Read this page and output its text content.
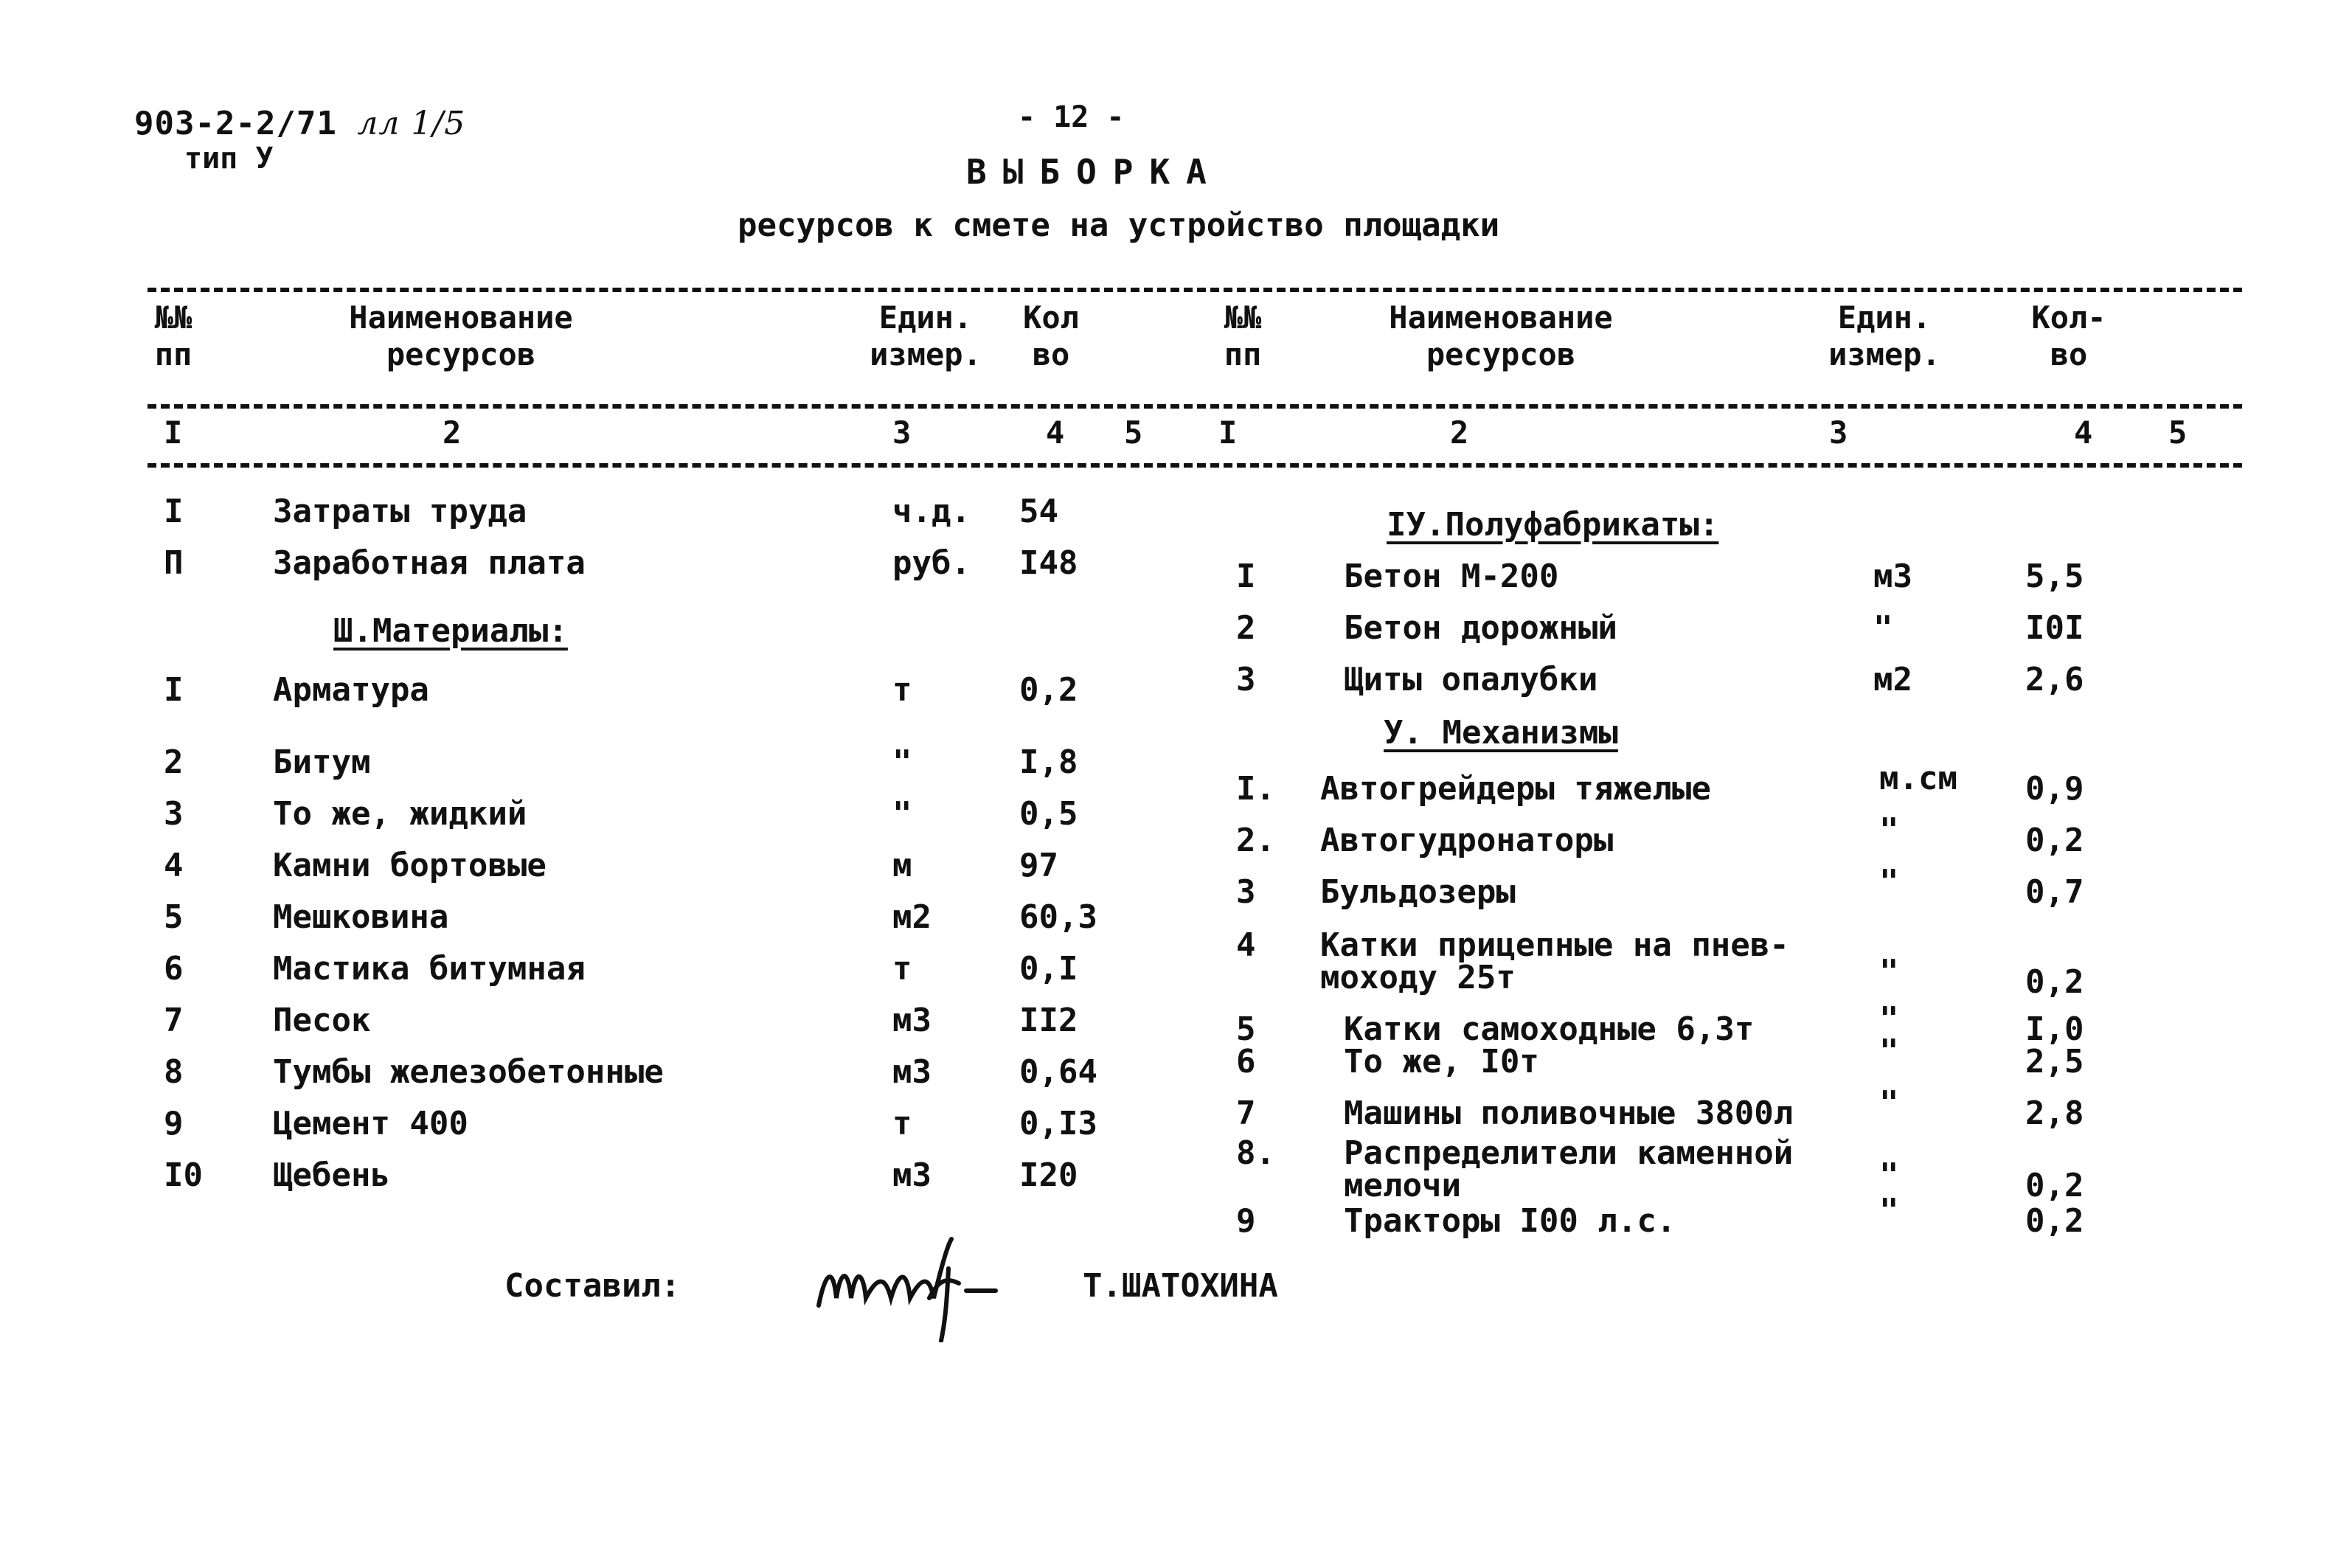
903-2-2/71 лл 1/5
тип У
- 12 -
ВЫБОРКА
ресурсов к смете на устройство площадки
№№
пп
Наименование
ресурсов
Един.
измер.
Кол
во
№№
пп
Наименование
ресурсов
Един.
измер.
Кол-
во
I	2	3	4 5 I	2	3	4 5
I	Затраты труда	ч.д. 54
П	Заработная плата	руб. I48
Ш.Материалы:
I	Арматура	т	0,2
2	Битум	"	I,8
3	То же, жидкий	"	0,5
4	Камни бортовые	м	97
5	Мешковина	м2	60,3
6	Мастика битумная	т	0,I
7	Песок	м3	II2
8	Тумбы железобетонные	м3	0,64
9	Цемент 400	т	0,I3
I0 Щебень	м3	I20
ІУ.Полуфабрикаты:
I	Бетон М-200	м3	5,5
2	Бетон дорожный	"	I0I
3	Щиты опалубки	м2	2,6
У. Механизмы
I. Автогрейдеры тяжелые	м.см 0,9
2. Автогудронаторы	"	0,2
3 Бульдозеры	"	0,7
4 Катки прицепные на пнев-
моходу 25т	"	0,2
5	Катки самоходные 6,3т	"	I,0
6	То же, I0т	"	2,5
7	Машины поливочные 3800л	"	2,8
8. Распределители каменной
мелочи	"	0,2
9	Тракторы I00 л.с.	"	0,2
Составил:	Т.ШАТОХИНА
